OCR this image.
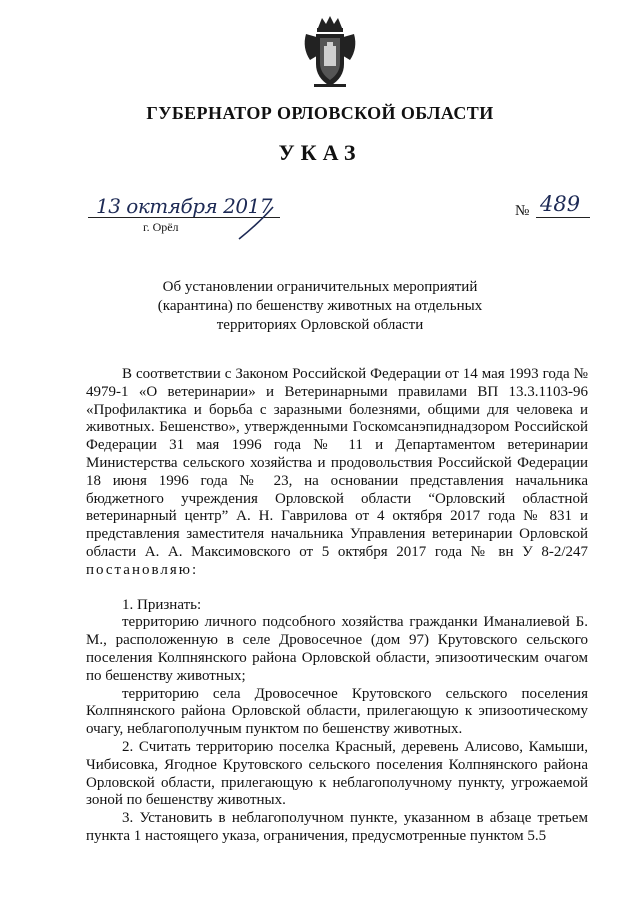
ГУБЕРНАТОР ОРЛОВСКОЙ ОБЛАСТИ
УКАЗ
13 октября 2017
г. Орёл
№ 489
Об установлении ограничительных мероприятий
(карантина) по бешенству животных на отдельных
территориях Орловской области

В соответствии с Законом Российской Федерации от 14 мая 1993 года № 4979-1 «О ветеринарии» и Ветеринарными правилами ВП 13.3.1103-96 «Профилактика и борьба с заразными болезнями, общими для человека и животных. Бешенство», утвержденными Госкомсанэпиднадзором Российской Федерации 31 мая 1996 года № 11 и Департаментом ветеринарии Министерства сельского хозяйства и продовольствия Российской Федерации 18 июня 1996 года № 23, на основании представления начальника бюджетного учреждения Орловской области “Орловский областной ветеринарный центр” А. Н. Гаврилова от 4 октября 2017 года № 831 и представления заместителя начальника Управления ветеринарии Орловской области А. А. Максимовского от 5 октября 2017 года № вн У 8-2/247 постановляю:

1. Признать:

территорию личного подсобного хозяйства гражданки Иманалиевой Б. М., расположенную в селе Дровосечное (дом 97) Крутовского сельского поселения Колпнянского района Орловской области, эпизоотическим очагом по бешенству животных;

территорию села Дровосечное Крутовского сельского поселения Колпнянского района Орловской области, прилегающую к эпизоотическому очагу, неблагополучным пунктом по бешенству животных.

2. Считать территорию поселка Красный, деревень Алисово, Камыши, Чибисовка, Ягодное Крутовского сельского поселения Колпнянского района Орловской области, прилегающую к неблагополучному пункту, угрожаемой зоной по бешенству животных.

3. Установить в неблагополучном пункте, указанном в абзаце третьем пункта 1 настоящего указа, ограничения, предусмотренные пунктом 5.5
